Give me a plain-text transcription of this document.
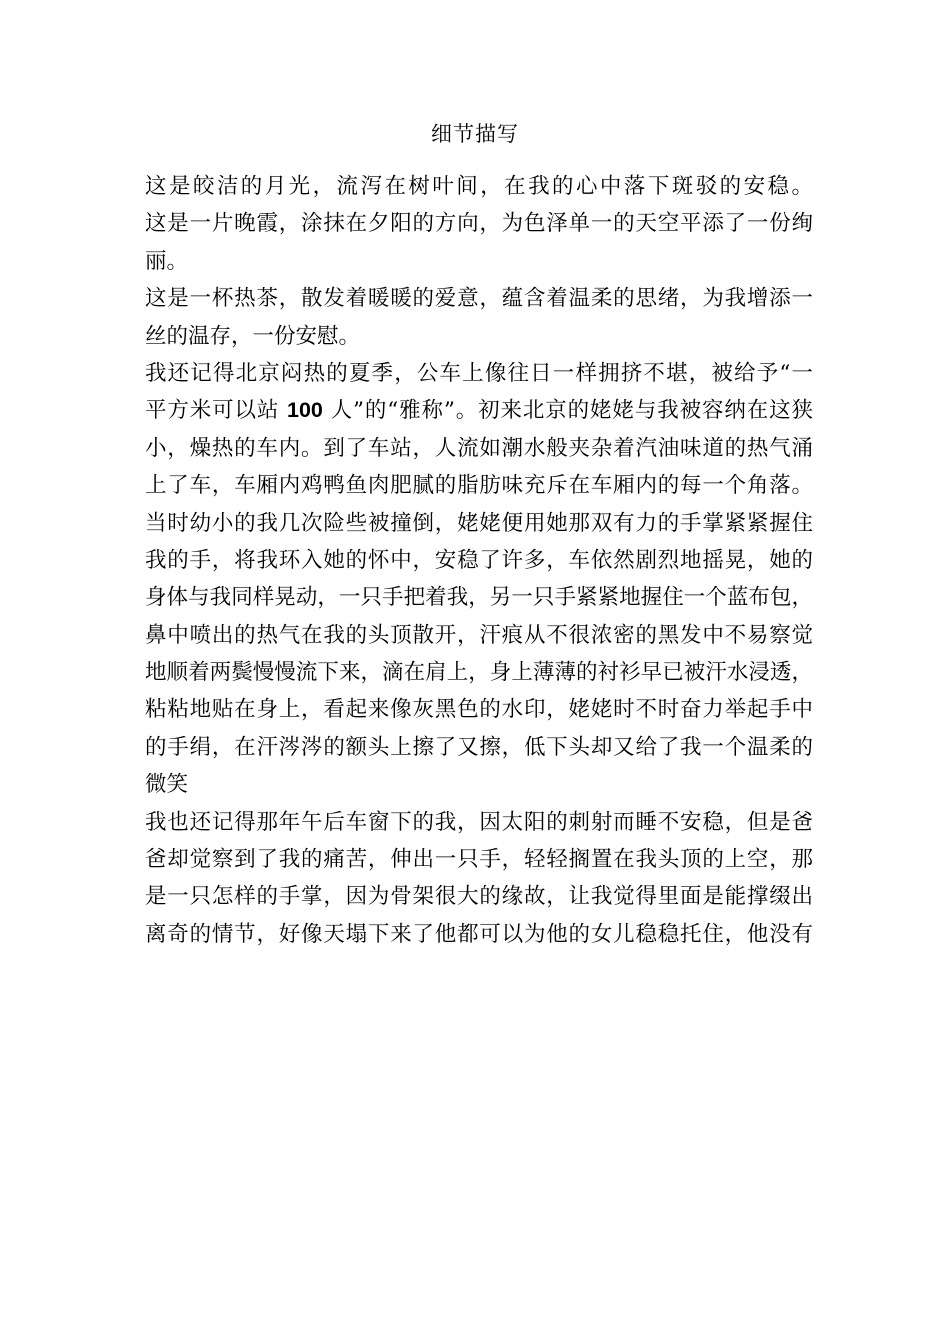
细节描写
这是皎洁的月光，流泻在树叶间，在我的心中落下斑驳的安稳。
这是一片晚霞，涂抹在夕阳的方向，为色泽单一的天空平添了一份绚
丽。
这是一杯热茶，散发着暖暖的爱意，蕴含着温柔的思绪，为我增添一
丝的温存，一份安慰。
我还记得北京闷热的夏季，公车上像往日一样拥挤不堪，被给予“一
平方米可以站 100 人”的“雅称”。初来北京的姥姥与我被容纳在这狭
小，燥热的车内。到了车站，人流如潮水般夹杂着汽油味道的热气涌
上了车，车厢内鸡鸭鱼肉肥腻的脂肪味充斥在车厢内的每一个角落。
当时幼小的我几次险些被撞倒，姥姥便用她那双有力的手掌紧紧握住
我的手，将我环入她的怀中，安稳了许多，车依然剧烈地摇晃，她的
身体与我同样晃动，一只手把着我，另一只手紧紧地握住一个蓝布包，
鼻中喷出的热气在我的头顶散开，汗痕从不很浓密的黑发中不易察觉
地顺着两鬓慢慢流下来，滴在肩上，身上薄薄的衬衫早已被汗水浸透，
粘粘地贴在身上，看起来像灰黑色的水印，姥姥时不时奋力举起手中
的手绢，在汗涔涔的额头上擦了又擦，低下头却又给了我一个温柔的
微笑
我也还记得那年午后车窗下的我，因太阳的刺射而睡不安稳，但是爸
爸却觉察到了我的痛苦，伸出一只手，轻轻搁置在我头顶的上空，那
是一只怎样的手掌，因为骨架很大的缘故，让我觉得里面是能撑缀出
离奇的情节，好像天塌下来了他都可以为他的女儿稳稳托住，他没有
